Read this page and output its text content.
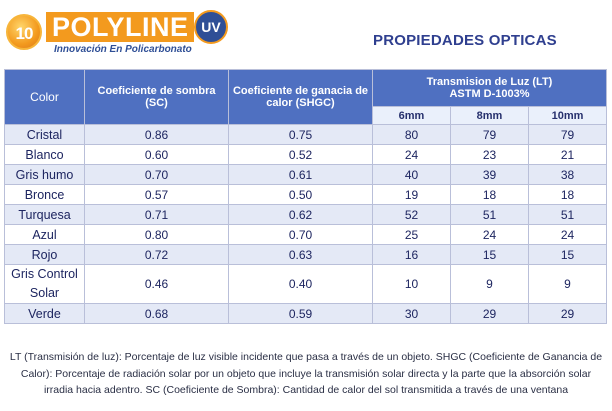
10 POLYLINE UV
Innovación En Policarbonato
PROPIEDADES OPTICAS
Color	Coeficiente de sombra (SC)	Coeficiente de ganacia de calor (SHGC)	Transmision de Luz (LT)
ASTM D-1003%		

			6mm	8mm	10mm
Cristal	0.86	0.75	80	79	79
Blanco	0.60	0.52	24	23	21
Gris humo	0.70	0.61	40	39	38
Bronce	0.57	0.50	19	18	18
Turquesa	0.71	0.62	52	51	51
Azul	0.80	0.70	25	24	24
Rojo	0.72	0.63	16	15	15
Gris Control Solar	0.46	0.40	10	9	9
Verde	0.68	0.59	30	29	29
LT (Transmisión de luz): Porcentaje de luz visible incidente que pasa a través de un objeto. SHGC (Coeficiente de Ganancia de Calor): Porcentaje de radiación solar por un objeto que incluye la transmisión solar directa y la parte que la absorción solar irradia hacia adentro. SC (Coeficiente de Sombra): Cantidad de calor del sol transmitida a través de una ventana
